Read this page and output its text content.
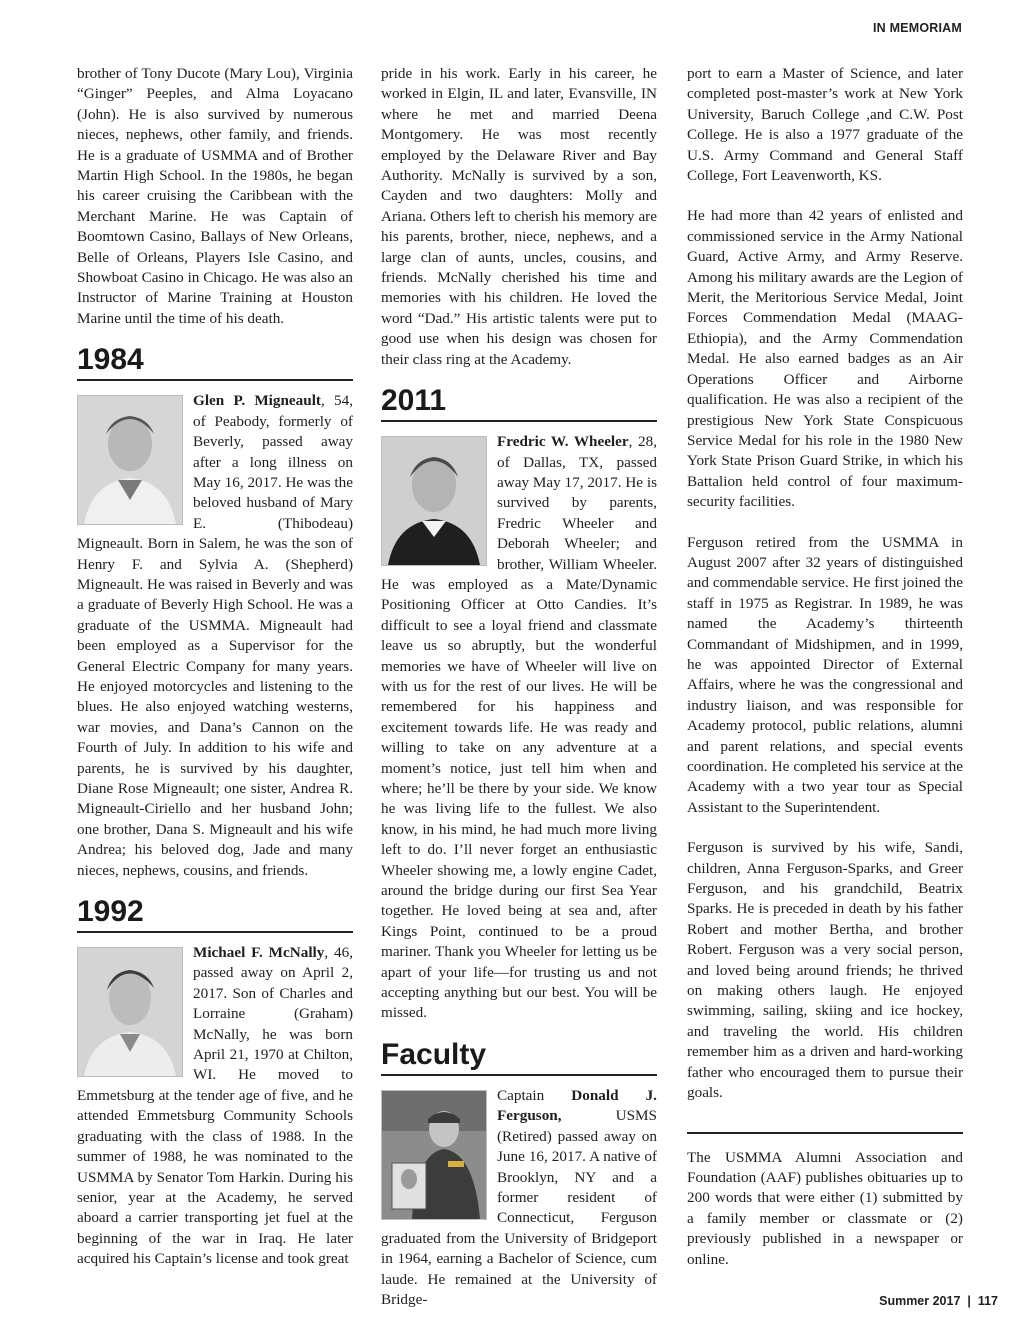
IN MEMORIAM

brother of Tony Ducote (Mary Lou), Virginia “Ginger” Peeples, and Alma Loyacano (John). He is also survived by numerous nieces, nephews, other family, and friends. He is a graduate of USMMA and of Brother Martin High School. In the 1980s, he began his career cruising the Caribbean with the Merchant Marine. He was Captain of Boomtown Casino, Ballays of New Orleans, Belle of Orleans, Players Isle Casino, and Showboat Casino in Chicago. He was also an Instructor of Marine Training at Houston Marine until the time of his death.

1984
Glen P. Migneault, 54, of Peabody, formerly of Beverly, passed away after a long illness on May 16, 2017. He was the beloved husband of Mary E. (Thibodeau) Migneault. Born in Salem, he was the son of Henry F. and Sylvia A. (Shepherd) Migneault. He was raised in Beverly and was a graduate of Beverly High School. He was a graduate of the USMMA. Migneault had been employed as a Supervisor for the General Electric Company for many years. He enjoyed motorcycles and listening to the blues. He also enjoyed watching westerns, war movies, and Dana’s Cannon on the Fourth of July. In addition to his wife and parents, he is survived by his daughter, Diane Rose Migneault; one sister, Andrea R. Migneault-Ciriello and her husband John; one brother, Dana S. Migneault and his wife Andrea; his beloved dog, Jade and many nieces, nephews, cousins, and friends.
1992
Michael F. McNally, 46, passed away on April 2, 2017. Son of Charles and Lorraine (Graham) McNally, he was born April 21, 1970 at Chilton, WI. He moved to Emmetsburg at the tender age of five, and he attended Emmetsburg Community Schools graduating with the class of 1988. In the summer of 1988, he was nominated to the USMMA by Senator Tom Harkin. During his senior, year at the Academy, he served aboard a carrier transporting jet fuel at the beginning of the war in Iraq. He later acquired his Captain’s license and took great

pride in his work. Early in his career, he worked in Elgin, IL and later, Evansville, IN where he met and married Deena Montgomery. He was most recently employed by the Delaware River and Bay Authority. McNally is survived by a son, Cayden and two daughters: Molly and Ariana. Others left to cherish his memory are his parents, brother, niece, nephews, and a large clan of aunts, uncles, cousins, and friends. McNally cherished his time and memories with his children. He loved the word “Dad.” His artistic talents were put to good use when his design was chosen for their class ring at the Academy.

2011
Fredric W. Wheeler, 28, of Dallas, TX, passed away May 17, 2017. He is survived by parents, Fredric Wheeler and Deborah Wheeler; and brother, William Wheeler. He was employed as a Mate/Dynamic Positioning Officer at Otto Candies. It’s difficult to see a loyal friend and classmate leave us so abruptly, but the wonderful memories we have of Wheeler will live on with us for the rest of our lives. He will be remembered for his happiness and excitement towards life. He was ready and willing to take on any adventure at a moment’s notice, just tell him when and where; he’ll be there by your side. We know he was living life to the fullest. We also know, in his mind, he had much more living left to do. I’ll never forget an enthusiastic Wheeler showing me, a lowly engine Cadet, around the bridge during our first Sea Year together. He loved being at sea and, after Kings Point, continued to be a proud mariner. Thank you Wheeler for letting us be apart of your life—for trusting us and not accepting anything but our best. You will be missed.
Faculty
Captain Donald J. Ferguson, USMS (Retired) passed away on June 16, 2017. A native of Brooklyn, NY and a former resident of Connecticut, Ferguson graduated from the University of Bridgeport in 1964, earning a Bachelor of Science, cum laude. He remained at the University of Bridge-

port to earn a Master of Science, and later completed post-master’s work at New York University, Baruch College ,and C.W. Post College. He is also a 1977 graduate of the U.S. Army Command and General Staff College, Fort Leavenworth, KS.

He had more than 42 years of enlisted and commissioned service in the Army National Guard, Active Army, and Army Reserve. Among his military awards are the Legion of Merit, the Meritorious Service Medal, Joint Forces Commendation Medal (MAAG-Ethiopia), and the Army Commendation Medal. He also earned badges as an Air Operations Officer and Airborne qualification. He was also a recipient of the prestigious New York State Conspicuous Service Medal for his role in the 1980 New York State Prison Guard Strike, in which his Battalion held control of four maximum-security facilities.

Ferguson retired from the USMMA in August 2007 after 32 years of distinguished and commendable service. He first joined the staff in 1975 as Registrar. In 1989, he was named the Academy’s thirteenth Commandant of Midshipmen, and in 1999, he was appointed Director of External Affairs, where he was the congressional and industry liaison, and was responsible for Academy protocol, public relations, alumni and parent relations, and special events coordination. He completed his service at the Academy with a two year tour as Special Assistant to the Superintendent.

Ferguson is survived by his wife, Sandi, children, Anna Ferguson-Sparks, and Greer Ferguson, and his grandchild, Beatrix Sparks. He is preceded in death by his father Robert and mother Bertha, and brother Robert. Ferguson was a very social person, and loved being around friends; he thrived on making others laugh. He enjoyed swimming, sailing, skiing and ice hockey, and traveling the world. His children remember him as a driven and hard-working father who encouraged them to pursue their goals.

The USMMA Alumni Association and Foundation (AAF) publishes obituaries up to 200 words that were either (1) submitted by a family member or classmate or (2) previously published in a newspaper or online.

Summer 2017 | 117
